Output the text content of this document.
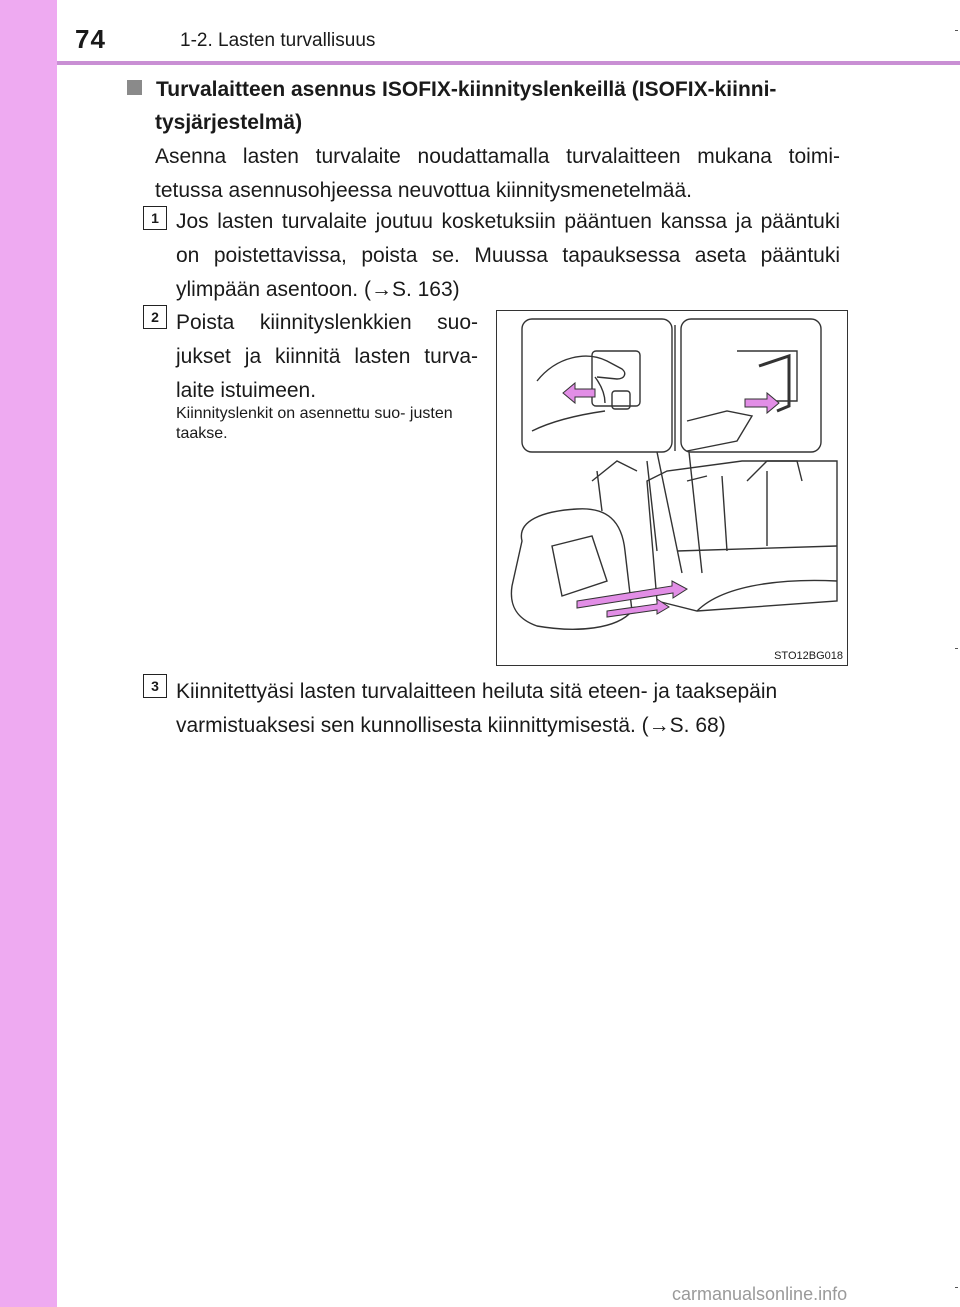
74	1-2. Lasten turvallisuus
Turvalaitteen asennus ISOFIX-kiinnityslenkeillä (ISOFIX-kiinni-
tysjärjestelmä)
Asenna lasten turvalaite noudattamalla turvalaitteen mukana toimi- tetussa asennusohjeessa neuvottua kiinnitysmenetelmää.
1 Jos lasten turvalaite joutuu kosketuksiin pääntuen kanssa ja pääntuki on poistettavissa, poista se. Muussa tapauksessa aseta pääntuki ylimpään asentoon. (→S. 163)
2 Poista kiinnityslenkkien suo- jukset ja kiinnitä lasten turva- laite istuimeen.
Kiinnityslenkit on asennettu suo- justen taakse.
STO12BG018
3 Kiinnitettyäsi lasten turvalaitteen heiluta sitä eteen- ja taaksepäin varmistuaksesi sen kunnollisesta kiinnittymisestä. (→S. 68)
carmanualsonline.info
